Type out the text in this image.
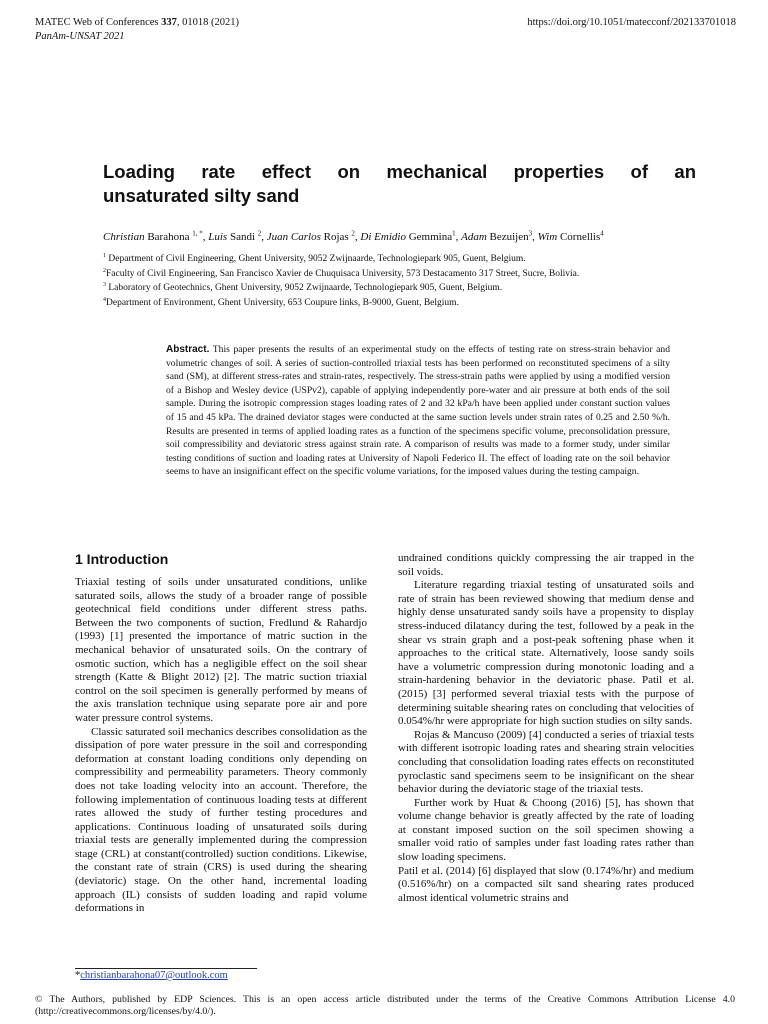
MATEC Web of Conferences 337, 01018 (2021)
PanAm-UNSAT 2021
https://doi.org/10.1051/matecconf/202133701018
Loading rate effect on mechanical properties of an
unsaturated silty sand
Christian Barahona $^{1, *}$, Luis Sandi $^2$, Juan Carlos Rojas $^2$, Di Emidio Gemmina$^1$, Adam Bezuijen$^3$, Wim Cornellis$^4$
$^1$ Department of Civil Engineering, Ghent University, 9052 Zwijnaarde, Technologiepark 905, Guent, Belgium.
$^2$Faculty of Civil Engineering, San Francisco Xavier de Chuquisaca University, 573 Destacamento 317 Street, Sucre, Bolivia.
$^3$ Laboratory of Geotechnics, Ghent University, 9052 Zwijnaarde, Technologiepark 905, Guent, Belgium.
$^4$Department of Environment, Ghent University, 653 Coupure links, B-9000, Guent, Belgium.
Abstract. This paper presents the results of an experimental study on the effects of testing rate on stress-strain behavior and volumetric changes of soil. A series of suction-controlled triaxial tests has been performed on reconstituted specimens of a silty sand (SM), at different stress-rates and strain-rates, respectively. The stress-strain paths were applied by using a modified version of a Bishop and Wesley device (USPv2), capable of applying independently pore-water and air pressure at both ends of the soil sample. During the isotropic compression stages loading rates of 2 and 32 kPa/h have been applied under constant suction values of 15 and 45 kPa. The drained deviator stages were conducted at the same suction levels under strain rates of 0.25 and 2.50 %/h. Results are presented in terms of applied loading rates as a function of the specimens specific volume, preconsolidation pressure, soil compressibility and deviatoric stress against strain rate. A comparison of results was made to a former study, under similar testing conditions of suction and loading rates at University of Napoli Federico II. The effect of loading rate on the soil behavior seems to have an insignificant effect on the specific volume variations, for the imposed values during the testing campaign.
1 Introduction

Triaxial testing of soils under unsaturated conditions, unlike saturated soils, allows the study of a broader range of possible geotechnical field conditions under different stress paths. Between the two components of suction, Fredlund & Rahardjo (1993) [1] presented the importance of matric suction in the mechanical behavior of unsaturated soils. On the contrary of osmotic suction, which has a negligible effect on the soil shear strength (Katte & Blight 2012) [2]. The matric suction triaxial control on the soil specimen is generally performed by means of the axis translation technique using separate pore air and pore water pressure control systems.

Classic saturated soil mechanics describes consolidation as the dissipation of pore water pressure in the soil and corresponding deformation at constant loading conditions only depending on compressibility and permeability parameters. Theory commonly does not take loading velocity into an account. Therefore, the following implementation of continuous loading tests at different rates allowed the study of further testing procedures and applications. Continuous loading of unsaturated soils during triaxial tests are generally implemented during the compression stage (CRL) at constant(controlled) suction conditions. Likewise, the constant rate of strain (CRS) is used during the shearing (deviatoric) stage. On the other hand, incremental loading approach (IL) consists of sudden loading and rapid volume deformations in

undrained conditions quickly compressing the air trapped in the soil voids.

Literature regarding triaxial testing of unsaturated soils and rate of strain has been reviewed showing that medium dense and highly dense unsaturated sandy soils have a propensity to display stress-induced dilatancy during the test, followed by a peak in the shear vs strain graph and a post-peak softening phase when it approaches to the critical state. Alternatively, loose sandy soils have a volumetric compression during monotonic loading and a strain-hardening behavior in the deviatoric phase. Patil et al. (2015) [3] performed several triaxial tests with the purpose of determining suitable shearing rates on concluding that velocities of 0.054%/hr were appropriate for high suction studies on silty sands.

Rojas & Mancuso (2009) [4] conducted a series of triaxial tests with different isotropic loading rates and shearing strain velocities concluding that consolidation loading rates effects on reconstituted pyroclastic sand specimens seem to be insignificant on the shear behavior during the deviatoric stage of the triaxial tests.

Further work by Huat & Choong (2016) [5], has shown that volume change behavior is greatly affected by the rate of loading at constant imposed suction on the soil specimen showing a smaller void ratio of samples under fast loading rates rather than slow loading specimens.

Patil et al. (2014) [6] displayed that slow (0.174%/hr) and medium (0.516%/hr) on a compacted silt sand shearing rates produced almost identical volumetric strains and

*christianbarahona07@outlook.com
© The Authors, published by EDP Sciences. This is an open access article distributed under the terms of the Creative Commons Attribution License 4.0 (http://creativecommons.org/licenses/by/4.0/).
